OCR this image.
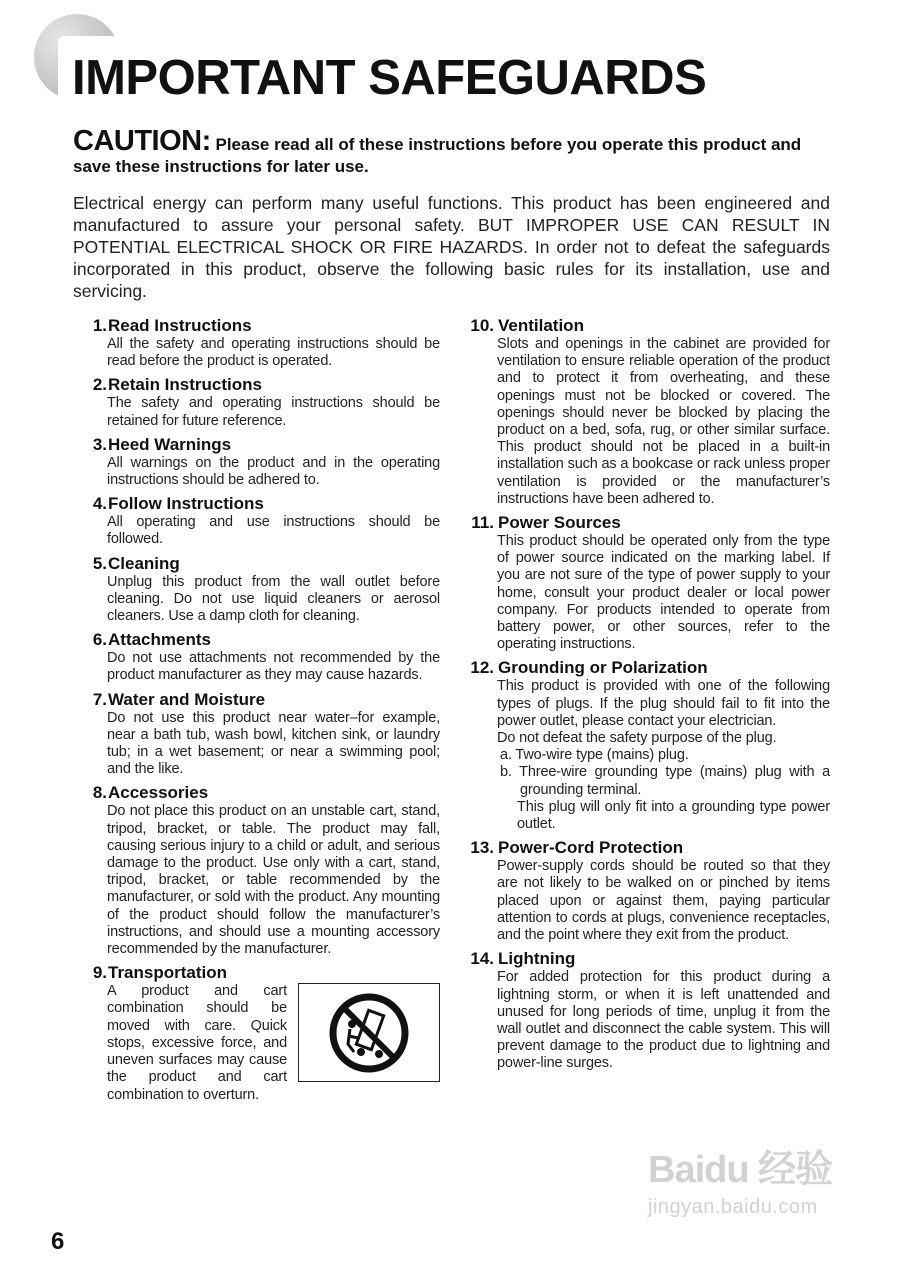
IMPORTANT SAFEGUARDS
CAUTION: Please read all of these instructions before you operate this product and save these instructions for later use.
Electrical energy can perform many useful functions. This product has been engineered and manufactured to assure your personal safety. BUT IMPROPER USE CAN RESULT IN POTENTIAL ELECTRICAL SHOCK OR FIRE HAZARDS. In order not to defeat the safeguards incorporated in this product, observe the following basic rules for its installation, use and servicing.
1. Read Instructions
All the safety and operating instructions should be read before the product is operated.
2. Retain Instructions
The safety and operating instructions should be retained for future reference.
3. Heed Warnings
All warnings on the product and in the operating instructions should be adhered to.
4. Follow Instructions
All operating and use instructions should be followed.
5. Cleaning
Unplug this product from the wall outlet before cleaning. Do not use liquid cleaners or aerosol cleaners. Use a damp cloth for cleaning.
6. Attachments
Do not use attachments not recommended by the product manufacturer as they may cause hazards.
7. Water and Moisture
Do not use this product near water–for example, near a bath tub, wash bowl, kitchen sink, or laundry tub; in a wet basement; or near a swimming pool; and the like.
8. Accessories
Do not place this product on an unstable cart, stand, tripod, bracket, or table. The product may fall, causing serious injury to a child or adult, and serious damage to the product. Use only with a cart, stand, tripod, bracket, or table recommended by the manufacturer, or sold with the product. Any mounting of the product should follow the manufacturer’s instructions, and should use a mounting accessory recommended by the manufacturer.
9. Transportation
A product and cart combination should be moved with care. Quick stops, excessive force, and uneven surfaces may cause the product and cart combination to overturn.
10. Ventilation
Slots and openings in the cabinet are provided for ventilation to ensure reliable operation of the product and to protect it from overheating, and these openings must not be blocked or covered. The openings should never be blocked by placing the product on a bed, sofa, rug, or other similar surface. This product should not be placed in a built-in installation such as a bookcase or rack unless proper ventilation is provided or the manufacturer’s instructions have been adhered to.
11. Power Sources
This product should be operated only from the type of power source indicated on the marking label. If you are not sure of the type of power supply to your home, consult your product dealer or local power company. For products intended to operate from battery power, or other sources, refer to the operating instructions.
12. Grounding or Polarization
This product is provided with one of the following types of plugs. If the plug should fail to fit into the power outlet, please contact your electrician.
Do not defeat the safety purpose of the plug.
a. Two-wire type (mains) plug.
b. Three-wire grounding type (mains) plug with a grounding terminal.
This plug will only fit into a grounding type power outlet.
13. Power-Cord Protection
Power-supply cords should be routed so that they are not likely to be walked on or pinched by items placed upon or against them, paying particular attention to cords at plugs, convenience receptacles, and the point where they exit from the product.
14. Lightning
For added protection for this product during a lightning storm, or when it is left unattended and unused for long periods of time, unplug it from the wall outlet and disconnect the cable system. This will prevent damage to the product due to lightning and power-line surges.
Baidu 经验
jingyan.baidu.com
6
